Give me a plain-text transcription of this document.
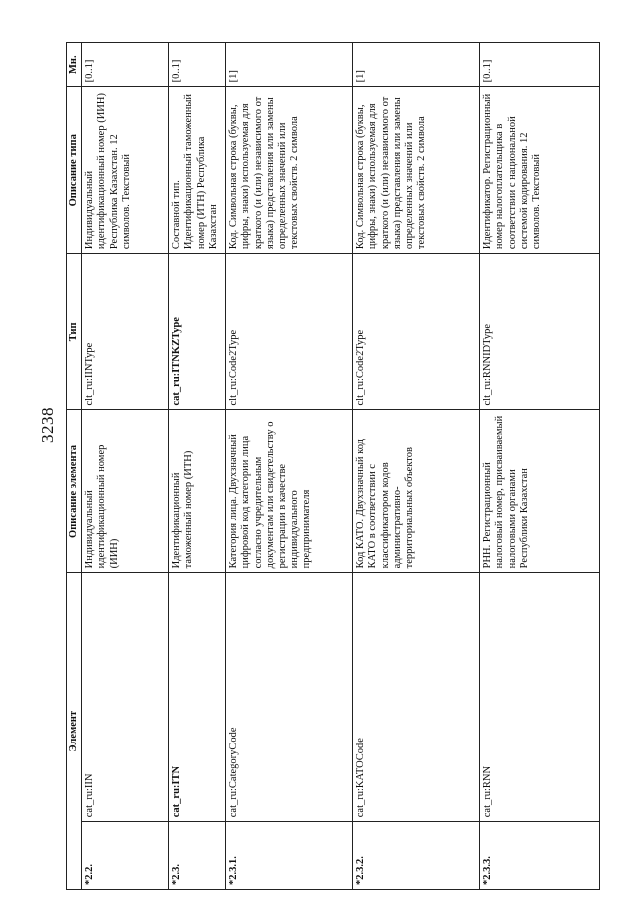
3238
Элемент		Описание элемента	Тип	Описание типа	Мн.
*2.2.	cat_ru:IIN	Индивидуальный идентификационный номер (ИИН)	clt_ru:IINType	Индивидуальный идентификационный номер (ИИН) Республика Казахстан. 12 символов. Текстовый	[0..1]
*2.3.	cat_ru:ITN	Идентификационный таможенный номер (ИТН)	cat_ru:ITNKZType	Составной тип. Идентификационный таможенный номер (ИТН) Республика Казахстан	[0..1]
*2.3.1.	cat_ru:CategoryCode	Категория лица. Двухзначный цифровой код категории лица согласно учредительным документам или свидетельству о регистрации в качестве индивидуального предпринимателя	clt_ru:Code2Type	Код. Символьная строка (буквы, цифры, знаки) используемая для краткого (и (или) независимого от языка) представления или замены определенных значений или текстовых свойств. 2 символа	[1]
*2.3.2.	cat_ru:KATOCode	Код КАТО. Двухзначный код КАТО в соответствии с классификатором кодов административно-территориальных объектов	clt_ru:Code2Type	Код. Символьная строка (буквы, цифры, знаки) используемая для краткого (и (или) независимого от языка) представления или замены определенных значений или текстовых свойств. 2 символа	[1]
*2.3.3.	cat_ru:RNN	РНН. Регистрационный налоговый номер, присваиваемый налоговыми органами Республики Казахстан	clt_ru:RNNIDType	Идентификатор. Регистрационный номер налогоплательщика в соответствии с национальной системой кодирования. 12 символов. Текстовый	[0..1]
